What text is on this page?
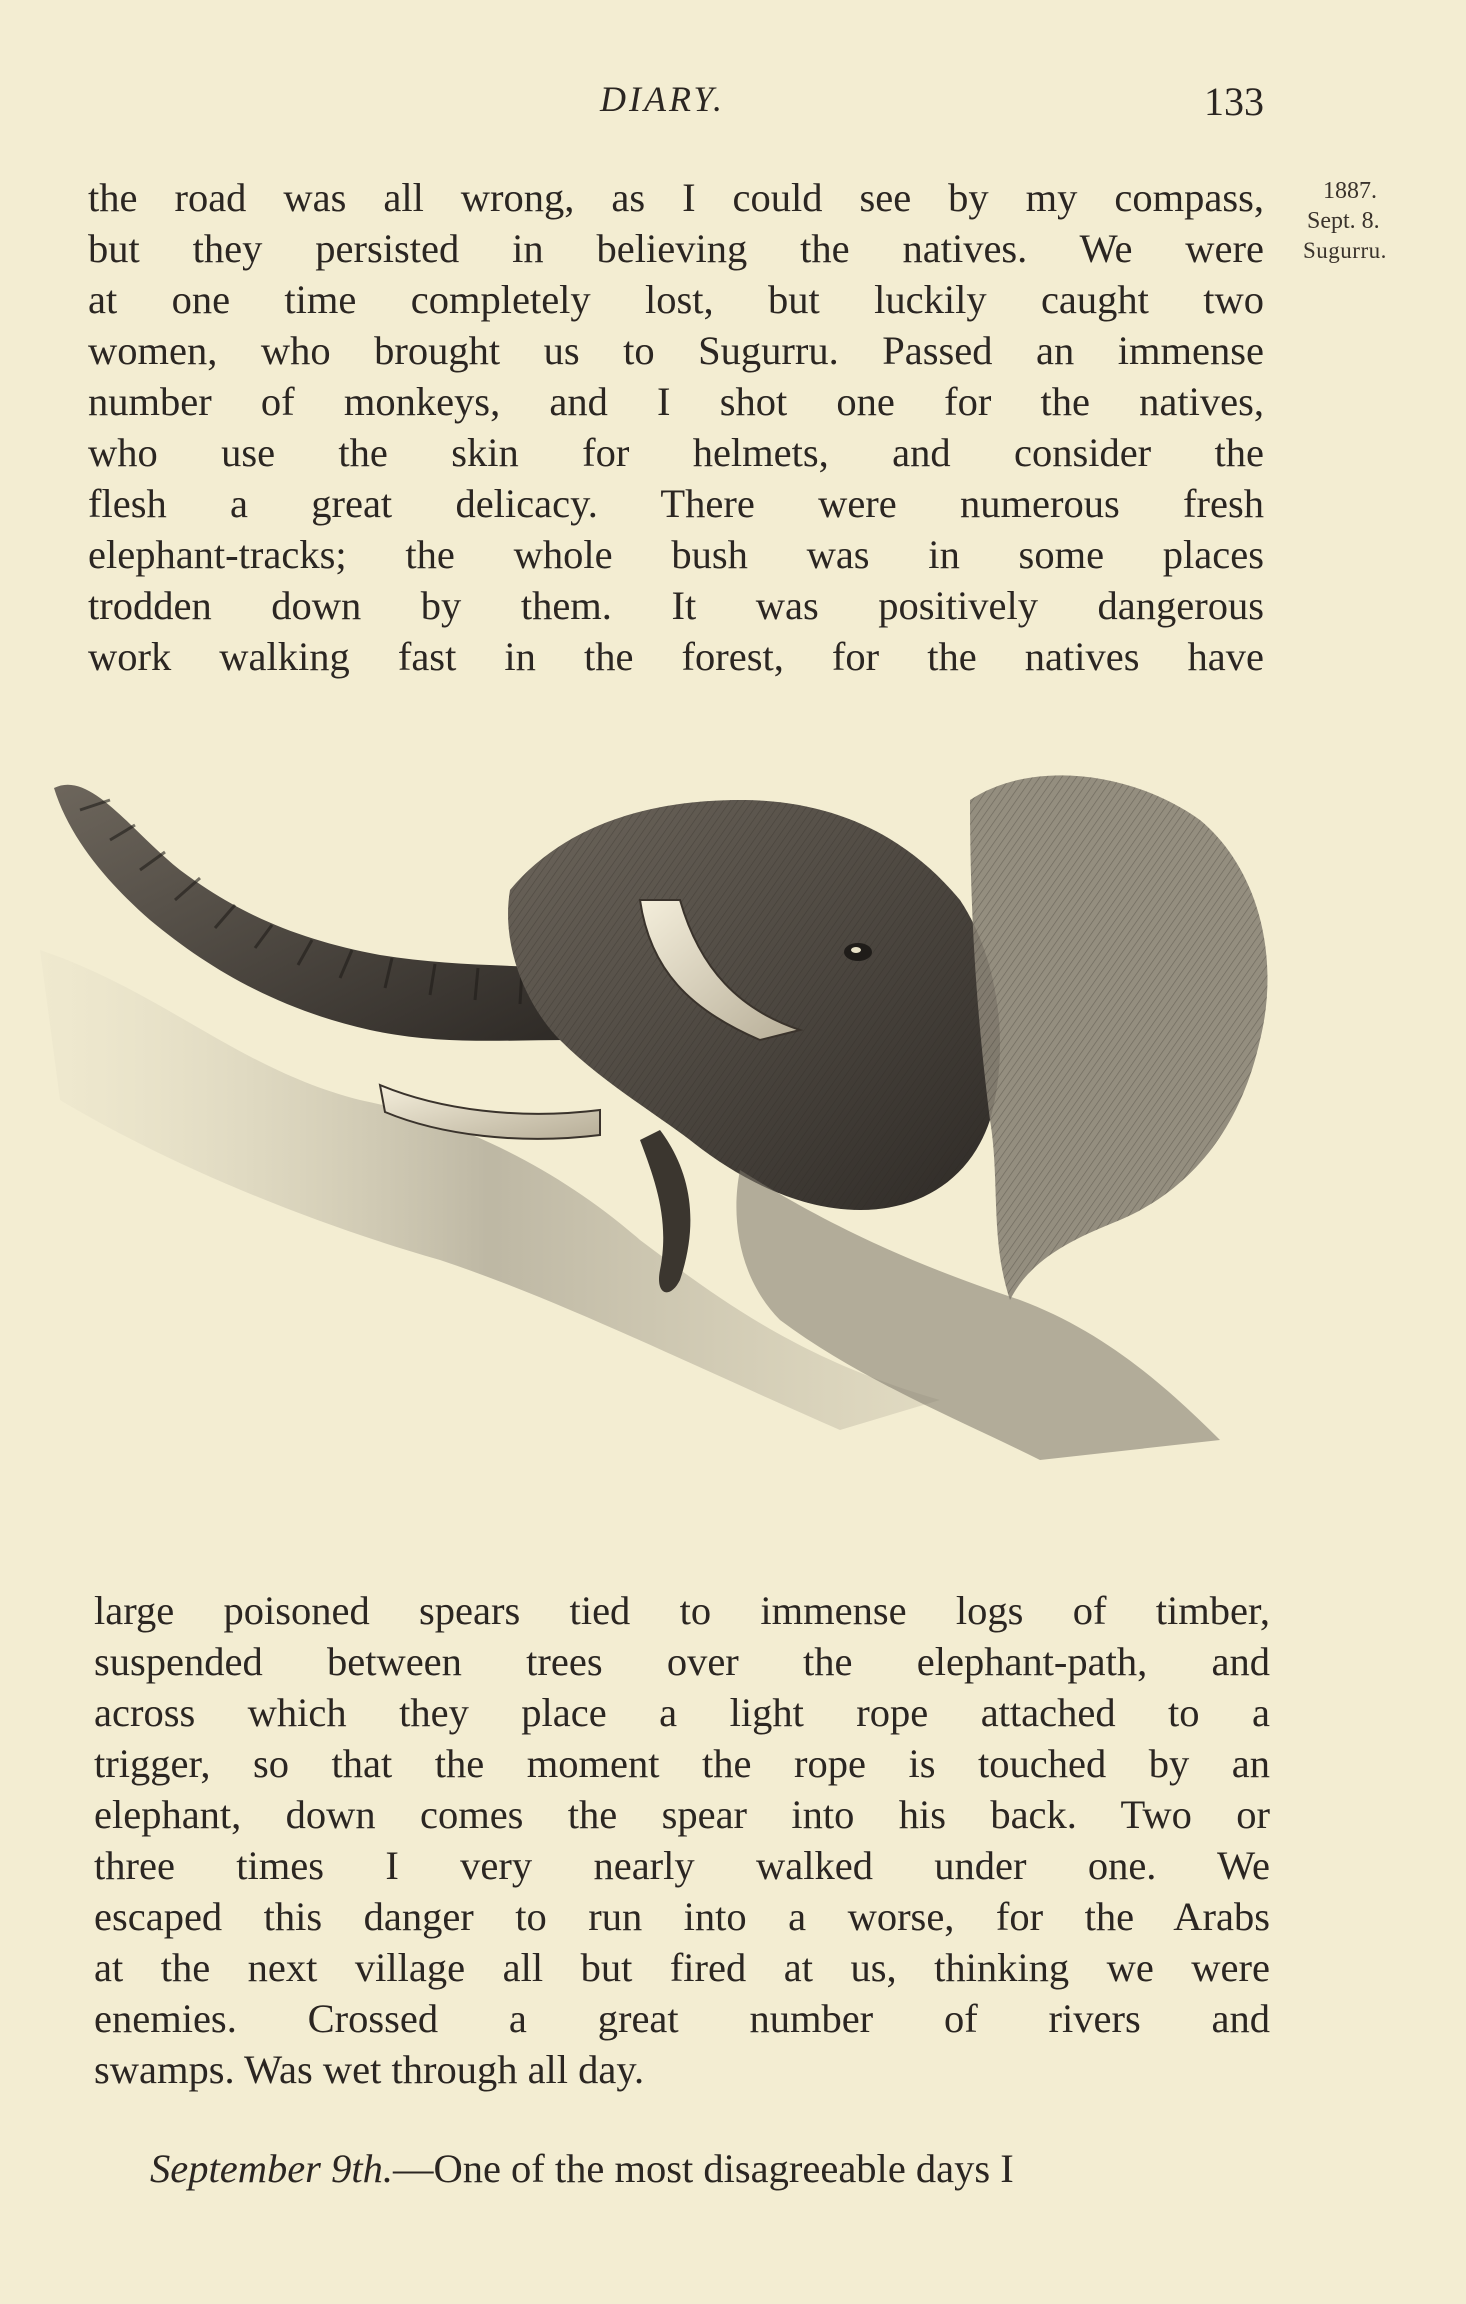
DIARY.	133
1887.
Sept. 8.
Sugurru.
the road was all wrong, as I could see by my compass,
but they persisted in believing the natives. We were
at one time completely lost, but luckily caught two
women, who brought us to Sugurru. Passed an immense
number of monkeys, and I shot one for the natives,
who use the skin for helmets, and consider the
flesh a great delicacy. There were numerous fresh
elephant-tracks; the whole bush was in some places
trodden down by them. It was positively dangerous
work walking fast in the forest, for the natives have
large poisoned spears tied to immense logs of timber,
suspended between trees over the elephant-path, and
across which they place a light rope attached to a
trigger, so that the moment the rope is touched by an
elephant, down comes the spear into his back. Two or
three times I very nearly walked under one. We
escaped this danger to run into a worse, for the Arabs
at the next village all but fired at us, thinking we were
enemies. Crossed a great number of rivers and
swamps. Was wet through all day.
September 9th.—One of the most disagreeable days I
